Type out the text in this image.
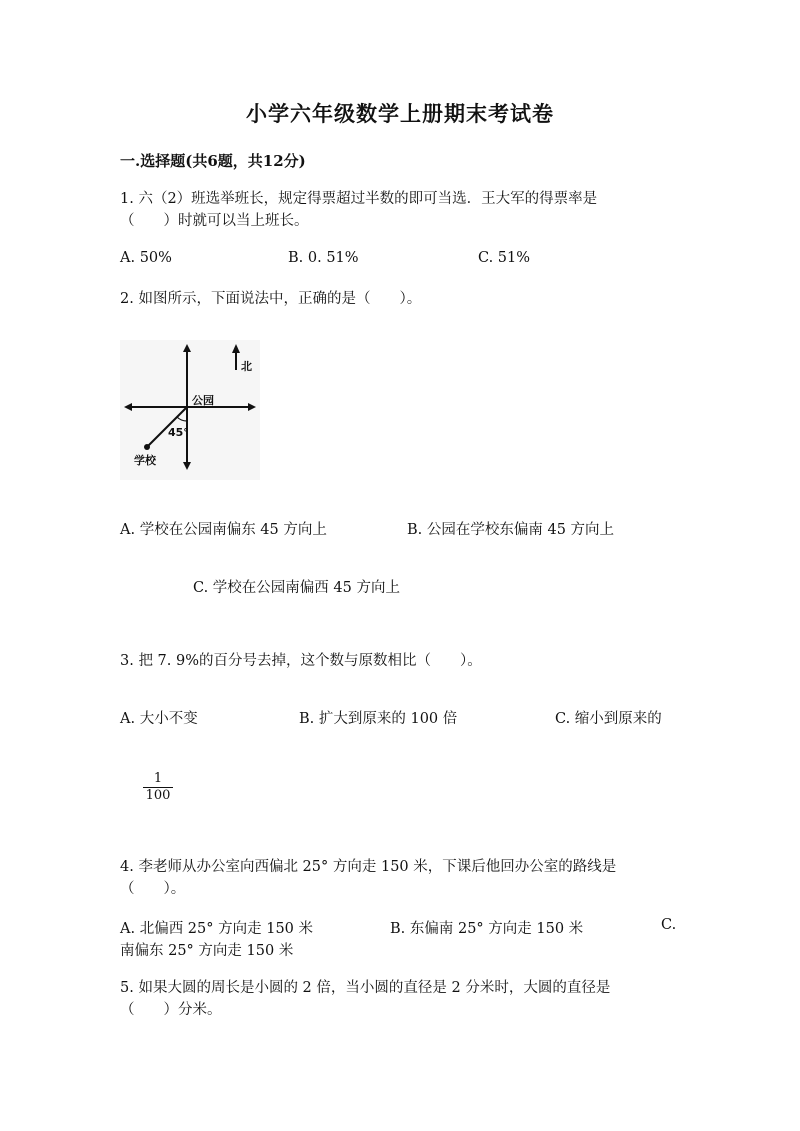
小学六年级数学上册期末考试卷
一.选择题(共6题，共12分)
1. 六（2）班选举班长，规定得票超过半数的即可当选．王大军的得票率是
（　　）时就可以当上班长。
A. 50%	B. 0. 51%	C. 51%
2. 如图所示，下面说法中，正确的是（　　）。
北
公园
45°
学校
A. 学校在公园南偏东 45 方向上	B. 公园在学校东偏南 45 方向上
C. 学校在公园南偏西 45 方向上
3. 把 7. 9%的百分号去掉，这个数与原数相比（　　）。
A. 大小不变	B. 扩大到原来的 100 倍	C. 缩小到原来的
$\frac{1}{100}$
4. 李老师从办公室向西偏北 25° 方向走 150 米，下课后他回办公室的路线是
（　　）。
A. 北偏西 25° 方向走 150 米	B. 东偏南 25° 方向走 150 米	C.
南偏东 25° 方向走 150 米
5. 如果大圆的周长是小圆的 2 倍，当小圆的直径是 2 分米时，大圆的直径是
（　　）分米。
